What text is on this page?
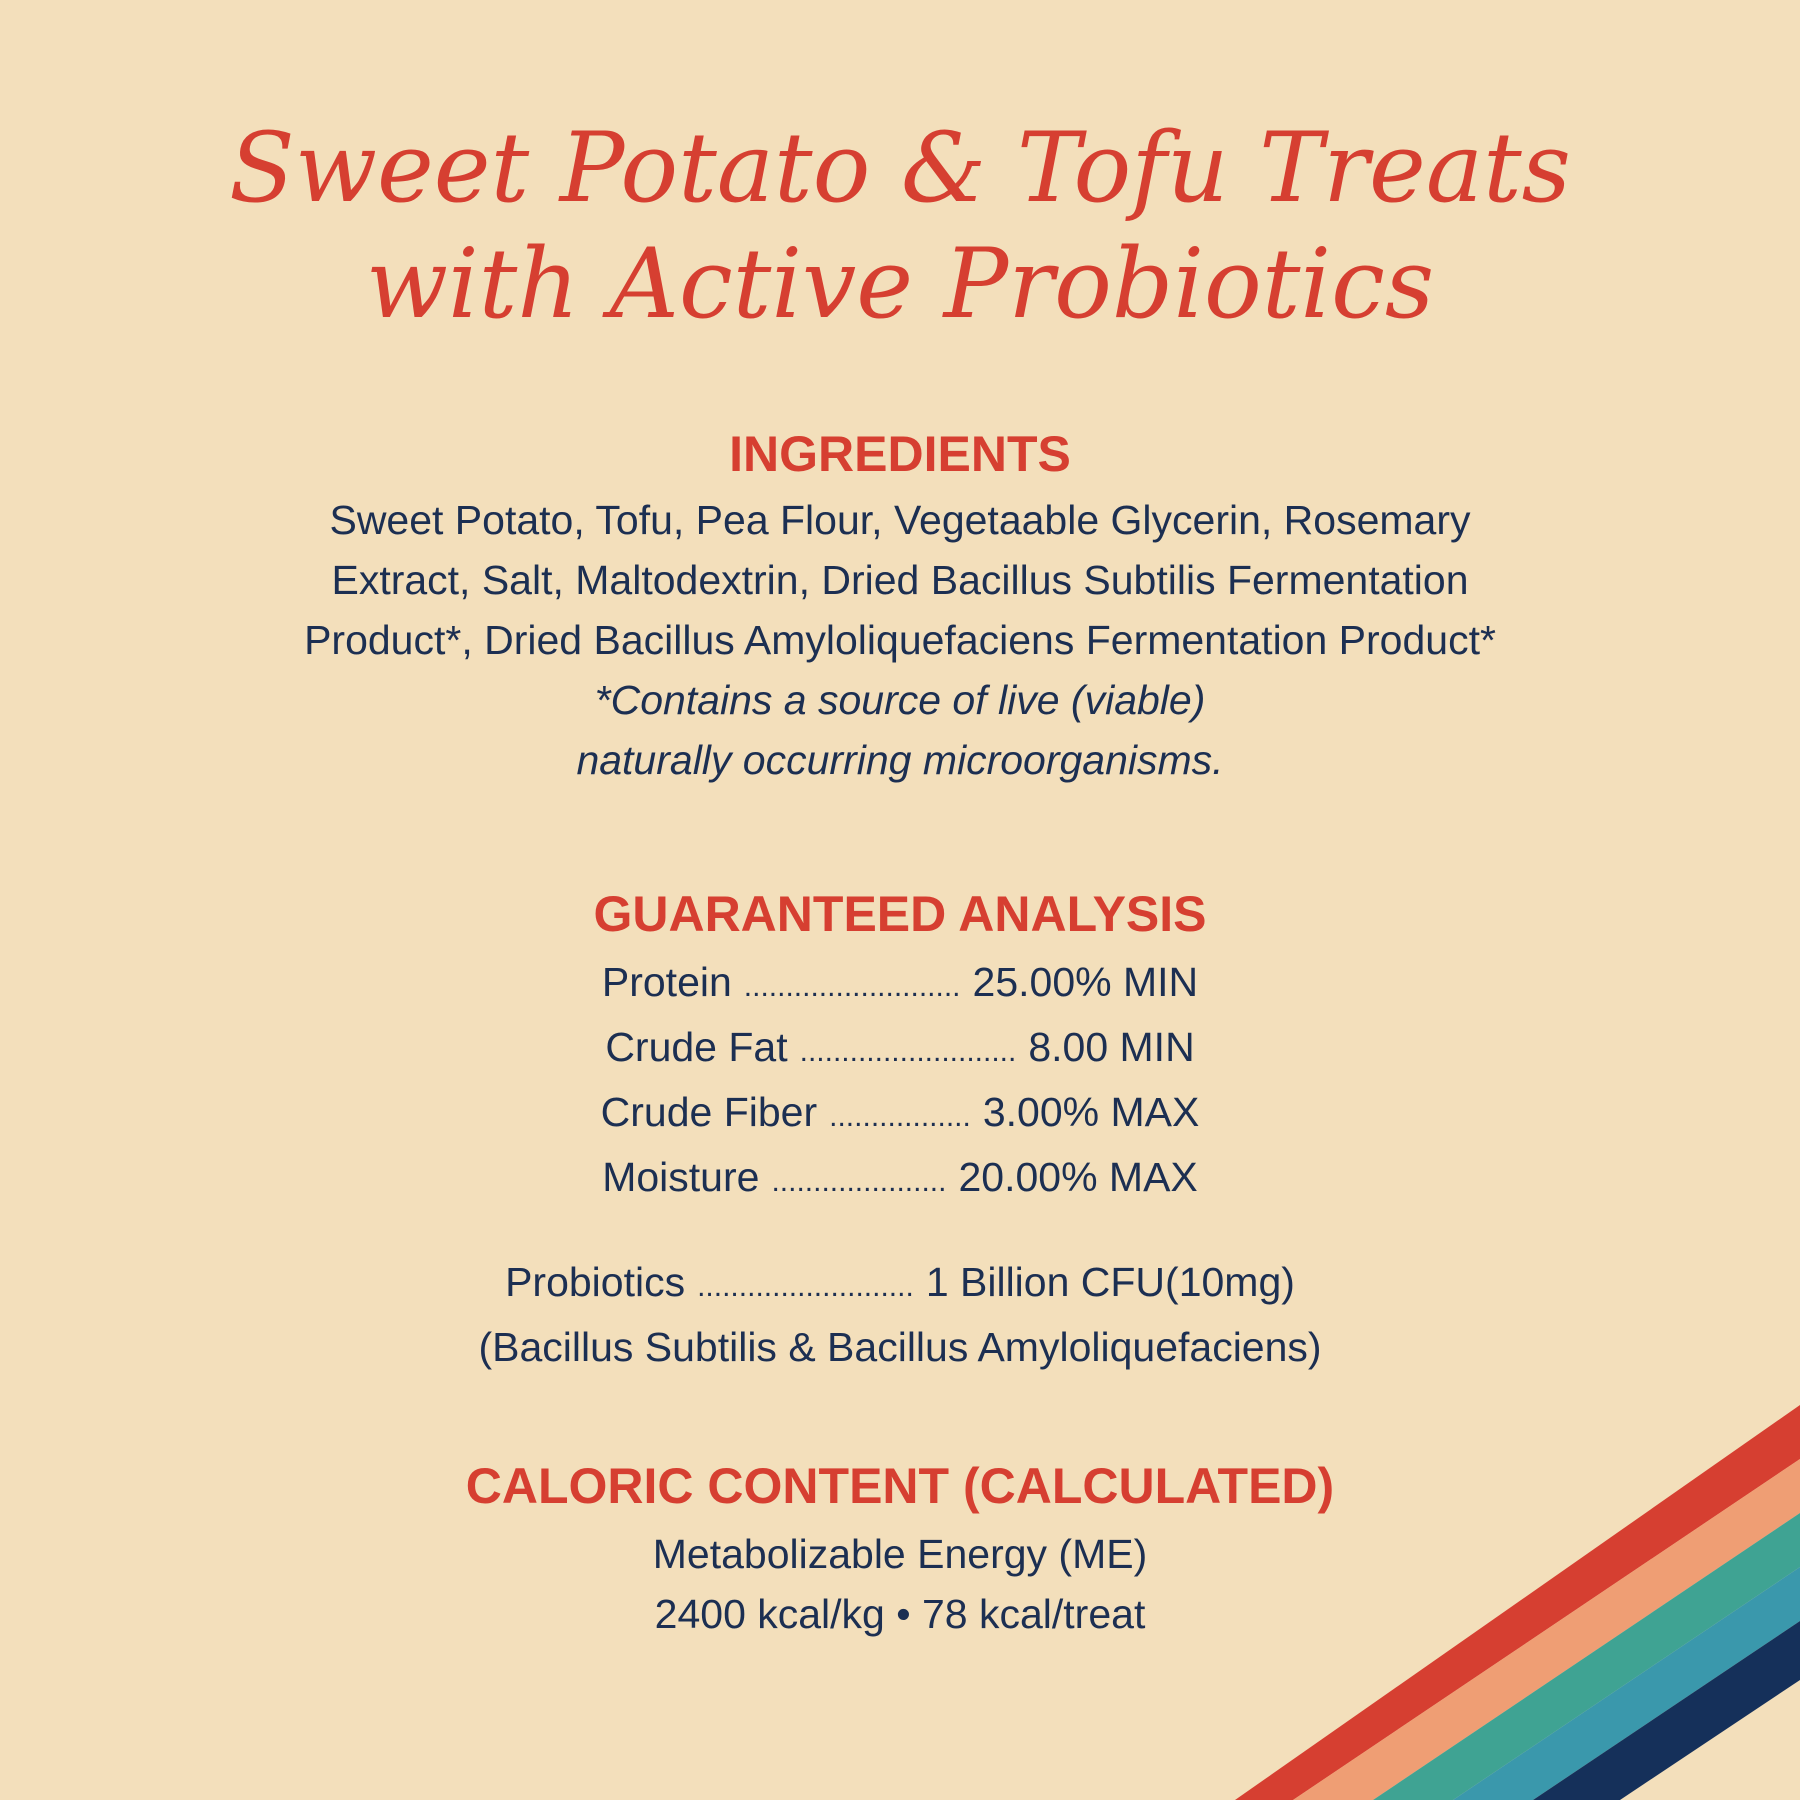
Sweet Potato & Tofu Treats
with Active Probiotics
INGREDIENTS
Sweet Potato, Tofu, Pea Flour, Vegetaable Glycerin, Rosemary
Extract, Salt, Maltodextrin, Dried Bacillus Subtilis Fermentation
Product*, Dried Bacillus Amyloliquefaciens Fermentation Product*
*Contains a source of live (viable)
naturally occurring microorganisms.
GUARANTEED ANALYSIS
Protein .......................... 25.00% MIN
Crude Fat .......................... 8.00 MIN
Crude Fiber ................. 3.00% MAX
Moisture ..................... 20.00% MAX
Probiotics .......................... 1 Billion CFU(10mg)
(Bacillus Subtilis & Bacillus Amyloliquefaciens)
CALORIC CONTENT (CALCULATED)
Metabolizable Energy (ME)
2400 kcal/kg • 78 kcal/treat
